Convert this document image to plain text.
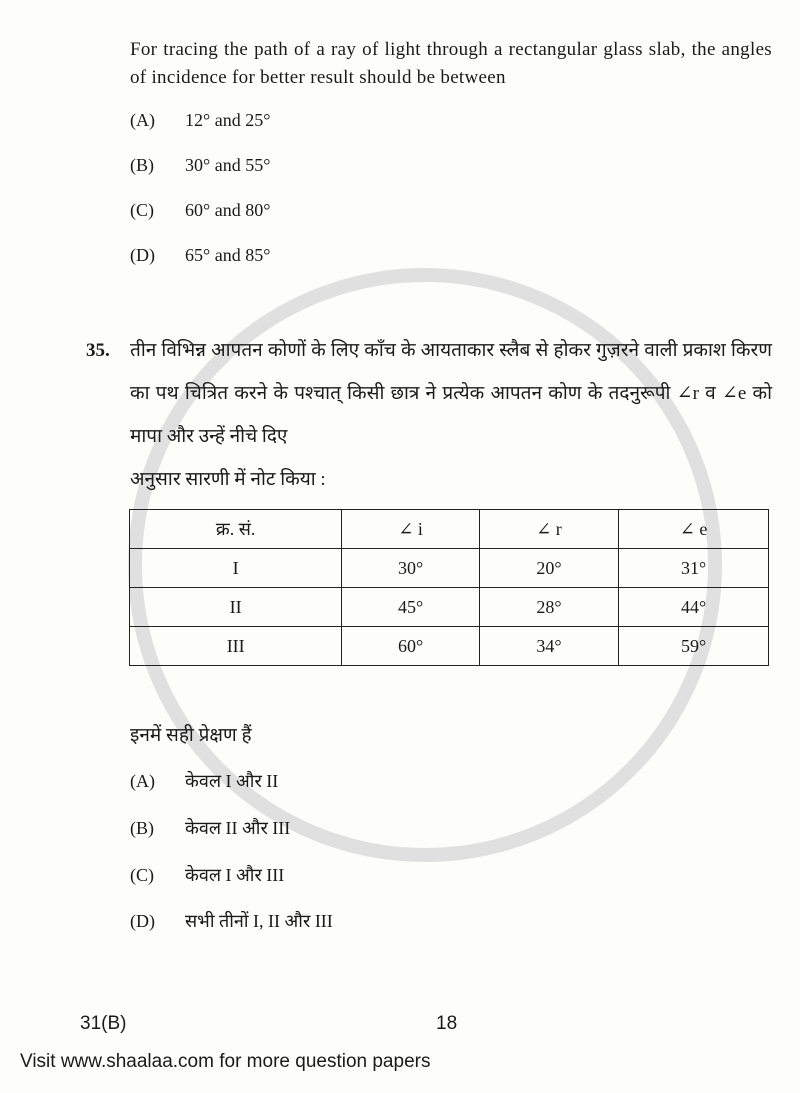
For tracing the path of a ray of light through a rectangular glass slab, the angles of incidence for better result should be between

(A) 12° and 25°

(B) 30° and 55°

(C) 60° and 80°

(D) 65° and 85°

35. तीन विभिन्न आपतन कोणों के लिए काँच के आयताकार स्लैब से होकर गुज़रने वाली प्रकाश किरण का पथ चित्रित करने के पश्चात् किसी छात्र ने प्रत्येक आपतन कोण के तदनुरूपी ∠r व ∠e को मापा और उन्हें नीचे दिए

अनुसार सारणी में नोट किया :

क्र. सं.	∠ i	∠ r	∠ e
I	30°	20°	31°
II	45°	28°	44°
III	60°	34°	59°

इनमें सही प्रेक्षण हैं

(A) केवल I और II

(B) केवल II और III

(C) केवल I और III

(D) सभी तीनों I, II और III

31(B)	18
Visit www.shaalaa.com for more question papers
